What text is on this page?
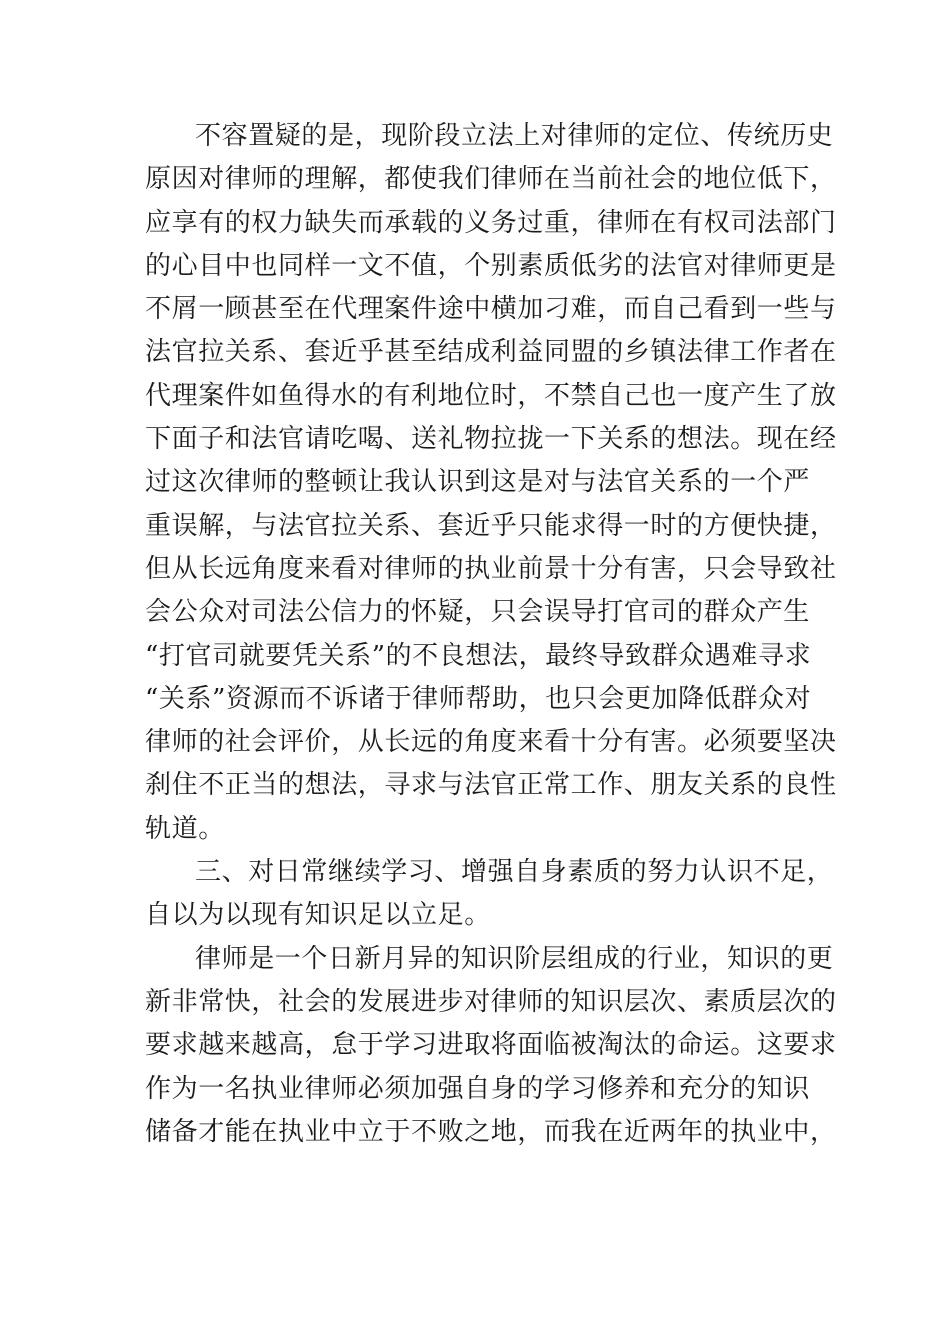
不容置疑的是，现阶段立法上对律师的定位、传统历史
原因对律师的理解，都使我们律师在当前社会的地位低下，
应享有的权力缺失而承载的义务过重，律师在有权司法部门
的心目中也同样一文不值，个别素质低劣的法官对律师更是
不屑一顾甚至在代理案件途中横加刁难，而自己看到一些与
法官拉关系、套近乎甚至结成利益同盟的乡镇法律工作者在
代理案件如鱼得水的有利地位时，不禁自己也一度产生了放
下面子和法官请吃喝、送礼物拉拢一下关系的想法。现在经
过这次律师的整顿让我认识到这是对与法官关系的一个严
重误解，与法官拉关系、套近乎只能求得一时的方便快捷，
但从长远角度来看对律师的执业前景十分有害，只会导致社
会公众对司法公信力的怀疑，只会误导打官司的群众产生
“打官司就要凭关系”的不良想法，最终导致群众遇难寻求
“关系”资源而不诉诸于律师帮助，也只会更加降低群众对
律师的社会评价，从长远的角度来看十分有害。必须要坚决
刹住不正当的想法，寻求与法官正常工作、朋友关系的良性
轨道。
三、对日常继续学习、增强自身素质的努力认识不足，
自以为以现有知识足以立足。
律师是一个日新月异的知识阶层组成的行业，知识的更
新非常快，社会的发展进步对律师的知识层次、素质层次的
要求越来越高，怠于学习进取将面临被淘汰的命运。这要求
作为一名执业律师必须加强自身的学习修养和充分的知识
储备才能在执业中立于不败之地，而我在近两年的执业中，
